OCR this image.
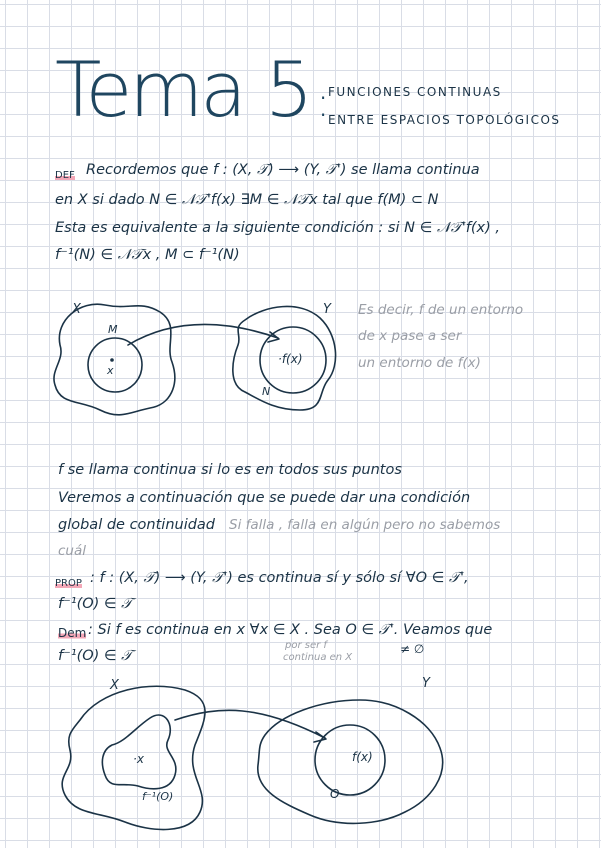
Tema 5 :
FUNCIONES CONTINUAS
ENTRE ESPACIOS TOPOLÓGICOS
DEF Recordemos que f : (X, 𝒯) ⟶ (Y, 𝒯') se llama continua
en X si dado N ∈ 𝒩𝒯'f(x) ∃M ∈ 𝒩𝒯x tal que f(M) ⊂ N
Esta es equivalente a la siguiente condición : si N ∈ 𝒩𝒯'f(x) ,
f⁻¹(N) ∈ 𝒩𝒯x , M ⊂ f⁻¹(N)
X	Y
M
x
·f(x)
N
Es decir, f de un entorno
de x pase a ser
un entorno de f(x)
f se llama continua si lo es en todos sus puntos
Veremos a continuación que se puede dar una condición
global de continuidad Si falla , falla en algún pero no sabemos
cuál
PROP : f : (X, 𝒯) ⟶ (Y, 𝒯') es continua sí y sólo sí ∀O ∈ 𝒯',
f⁻¹(O) ∈ 𝒯
Dem : Si f es continua en x ∀x ∈ X . Sea O ∈ 𝒯'. Veamos que
f⁻¹(O) ∈ 𝒯
por ser f
continua en X
≠ ∅
X	Y
·x
f⁻¹(O)
f(x)
O
